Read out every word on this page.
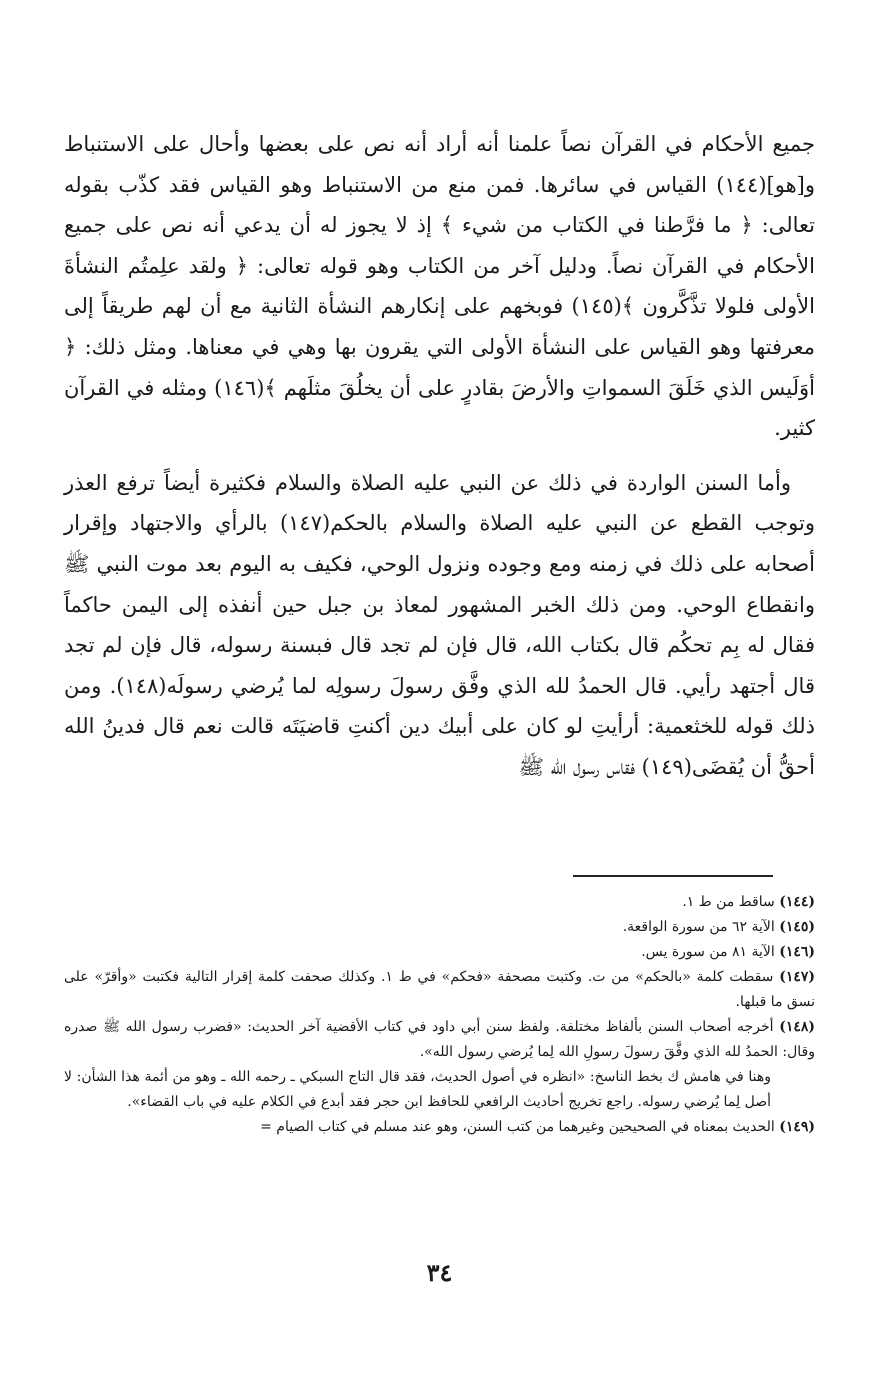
جميع الأحكام في القرآن نصاً علمنا أنه أراد أنه نص على بعضها وأحال على الاستنباط و[هو](١٤٤) القياس في سائرها. فمن منع من الاستنباط وهو القياس فقد كذّب بقوله تعالى: ﴿ ما فرَّطنا في الكتاب من شيء ﴾ إذ لا يجوز له أن يدعي أنه نص على جميع الأحكام في القرآن نصاً. ودليل آخر من الكتاب وهو قوله تعالى: ﴿ ولقد علِمتُم النشأةَ الأولى فلولا تذَّكَّرون ﴾(١٤٥) فوبخهم على إنكارهم النشأة الثانية مع أن لهم طريقاً إلى معرفتها وهو القياس على النشأة الأولى التي يقرون بها وهي في معناها. ومثل ذلك: ﴿ أوَلَيس الذي خَلَقَ السمواتِ والأرضَ بقادرٍ على أن يخلُقَ مثلَهم ﴾(١٤٦) ومثله في القرآن كثير.

وأما السنن الواردة في ذلك عن النبي عليه الصلاة والسلام فكثيرة أيضاً ترفع العذر وتوجب القطع عن النبي عليه الصلاة والسلام بالحكم(١٤٧) بالرأي والاجتهاد وإقرار أصحابه على ذلك في زمنه ومع وجوده ونزول الوحي، فكيف به اليوم بعد موت النبي ﷺ وانقطاع الوحي. ومن ذلك الخبر المشهور لمعاذ بن جبل حين أنفذه إلى اليمن حاكماً فقال له بِم تحكُم قال بكتاب الله، قال فإن لم تجد قال فبسنة رسوله، قال فإن لم تجد قال أجتهد رأيي. قال الحمدُ لله الذي وفَّق رسولَ رسولِه لما يُرضي رسولَه(١٤٨). ومن ذلك قوله للخثعمية: أرأيتِ لو كان على أبيك دين أكنتِ قاضيَتَه قالت نعم قال فدينُ الله أحقُّ أن يُقضَى(١٤٩) فقاس رسول الله ﷺ

(١٤٤) ساقط من ط ١.

(١٤٥) الآية ٦٢ من سورة الواقعة.

(١٤٦) الآية ٨١ من سورة يس.

(١٤٧) سقطت كلمة «بالحكم» من ت. وكتبت مصحفة «فحكم» في ط ١. وكذلك صحفت كلمة إقرار التالية فكتبت «وأقرّ» على نسق ما قبلها.

(١٤٨) أخرجه أصحاب السنن بألفاظ مختلفة. ولفظ سنن أبي داود في كتاب الأقضية آخر الحديث: «فضرب رسول الله ﷺ صدره وقال: الحمدُ لله الذي وفَّقَ رسولَ رسولِ الله لِما يُرضي رسول الله».
وهنا في هامش ك بخط الناسخ: «انظره في أصول الحديث، فقد قال التاج السبكي ـ رحمه الله ـ وهو من أئمة هذا الشأن: لا أصل لِما يُرضي رسوله. راجع تخريج أحاديث الرافعي للحافظ ابن حجر فقد أبدع في الكلام عليه في باب القضاء».

(١٤٩) الحديث بمعناه في الصحيحين وغيرهما من كتب السنن، وهو عند مسلم في كتاب الصيام =

٣٤
